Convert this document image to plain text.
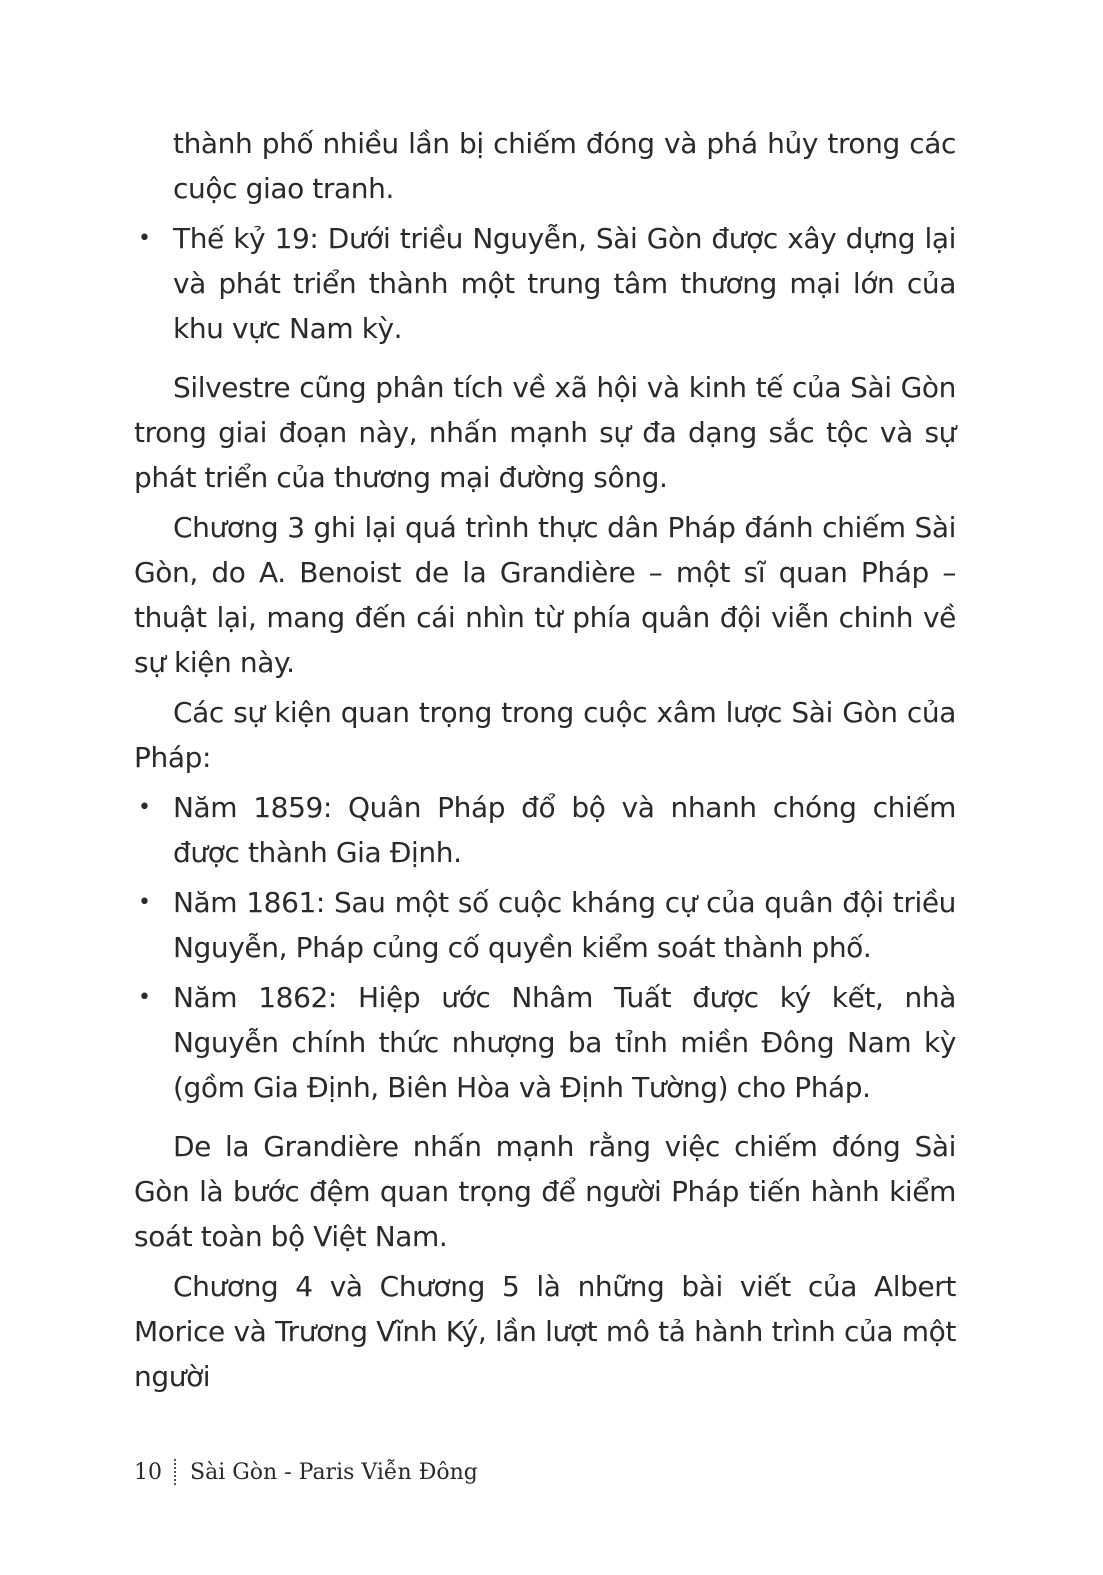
thành phố nhiều lần bị chiếm đóng và phá hủy trong các cuộc giao tranh.

• Thế kỷ 19: Dưới triều Nguyễn, Sài Gòn được xây dựng lại và phát triển thành một trung tâm thương mại lớn của khu vực Nam kỳ.

Silvestre cũng phân tích về xã hội và kinh tế của Sài Gòn trong giai đoạn này, nhấn mạnh sự đa dạng sắc tộc và sự phát triển của thương mại đường sông.

Chương 3 ghi lại quá trình thực dân Pháp đánh chiếm Sài Gòn, do A. Benoist de la Grandière – một sĩ quan Pháp – thuật lại, mang đến cái nhìn từ phía quân đội viễn chinh về sự kiện này.

Các sự kiện quan trọng trong cuộc xâm lược Sài Gòn của Pháp:

• Năm 1859: Quân Pháp đổ bộ và nhanh chóng chiếm được thành Gia Định.
• Năm 1861: Sau một số cuộc kháng cự của quân đội triều Nguyễn, Pháp củng cố quyền kiểm soát thành phố.
• Năm 1862: Hiệp ước Nhâm Tuất được ký kết, nhà Nguyễn chính thức nhượng ba tỉnh miền Đông Nam kỳ (gồm Gia Định, Biên Hòa và Định Tường) cho Pháp.

De la Grandière nhấn mạnh rằng việc chiếm đóng Sài Gòn là bước đệm quan trọng để người Pháp tiến hành kiểm soát toàn bộ Việt Nam.

Chương 4 và Chương 5 là những bài viết của Albert Morice và Trương Vĩnh Ký, lần lượt mô tả hành trình của một người

10 Sài Gòn - Paris Viễn Đông
